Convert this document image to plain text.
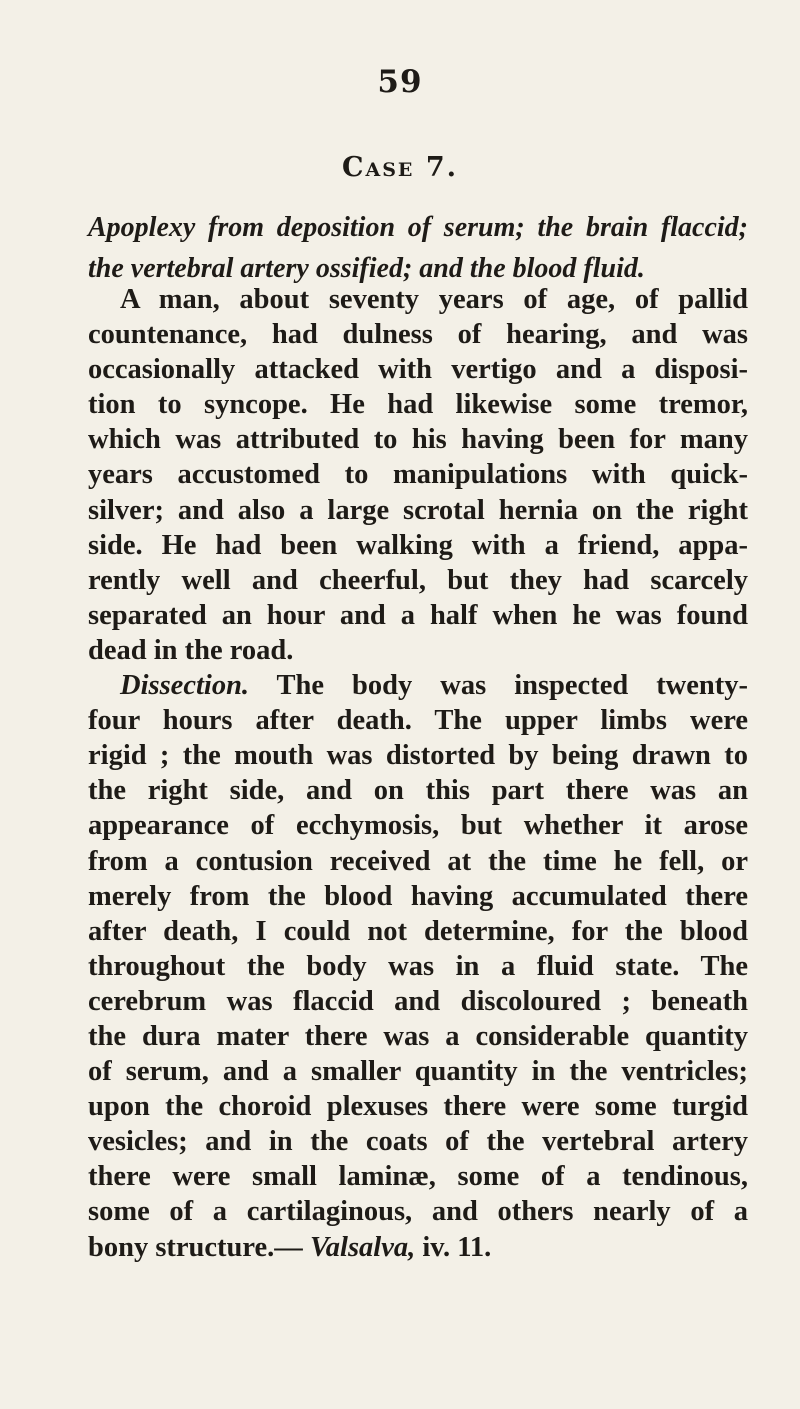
59
Case 7.
Apoplexy from deposition of serum; the brain flaccid;
the vertebral artery ossified; and the blood fluid.
A man, about seventy years of age, of pallid
countenance, had dulness of hearing, and was
occasionally attacked with vertigo and a disposi-
tion to syncope. He had likewise some tremor,
which was attributed to his having been for many
years accustomed to manipulations with quick-
silver; and also a large scrotal hernia on the right
side. He had been walking with a friend, appa-
rently well and cheerful, but they had scarcely
separated an hour and a half when he was found
dead in the road.
Dissection. The body was inspected twenty-
four hours after death. The upper limbs were
rigid ; the mouth was distorted by being drawn to
the right side, and on this part there was an
appearance of ecchymosis, but whether it arose
from a contusion received at the time he fell, or
merely from the blood having accumulated there
after death, I could not determine, for the blood
throughout the body was in a fluid state. The
cerebrum was flaccid and discoloured ; beneath
the dura mater there was a considerable quantity
of serum, and a smaller quantity in the ventricles;
upon the choroid plexuses there were some turgid
vesicles; and in the coats of the vertebral artery
there were small laminæ, some of a tendinous,
some of a cartilaginous, and others nearly of a
bony structure.— Valsalva, iv. 11.
